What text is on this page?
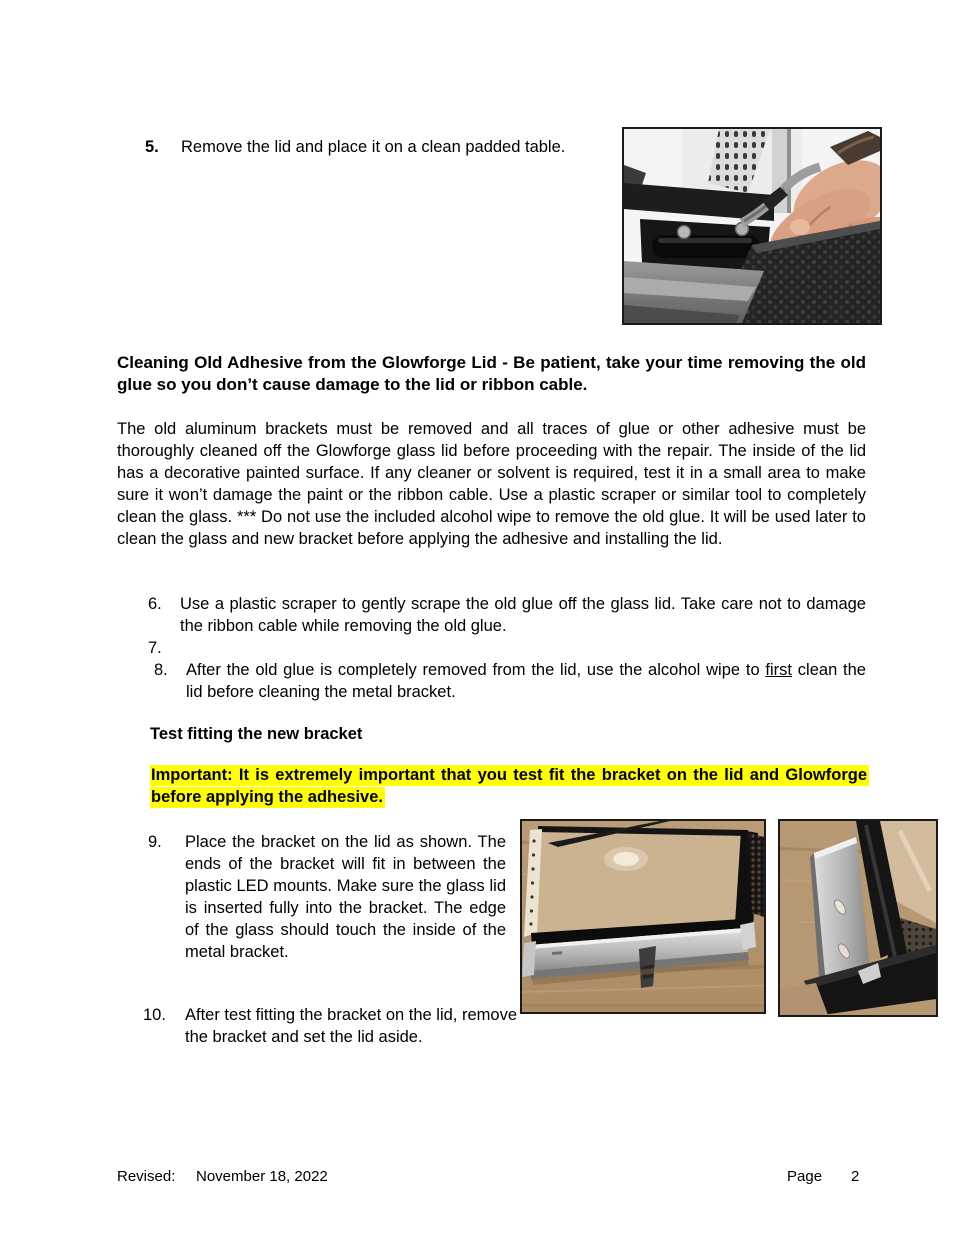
5.	Remove the lid and place it on a clean padded table.
Cleaning Old Adhesive from the Glowforge Lid - Be patient, take your time removing the old glue so you don’t cause damage to the lid or ribbon cable.
The old aluminum brackets must be removed and all traces of glue or other adhesive must be thoroughly cleaned off the Glowforge glass lid before proceeding with the repair. The inside of the lid has a decorative painted surface. If any cleaner or solvent is required, test it in a small area to make sure it won’t damage the paint or the ribbon cable. Use a plastic scraper or similar tool to completely clean the glass. *** Do not use the included alcohol wipe to remove the old glue. It will be used later to clean the glass and new bracket before applying the adhesive and installing the lid.
6.	Use a plastic scraper to gently scrape the old glue off the glass lid. Take care not to damage the ribbon cable while removing the old glue.
7.
8.	After the old glue is completely removed from the lid, use the alcohol wipe to first clean the lid before cleaning the metal bracket.
Test fitting the new bracket
Important: It is extremely important that you test fit the bracket on the lid and Glowforge before applying the adhesive.
9.	Place the bracket on the lid as shown. The ends of the bracket will fit in between the plastic LED mounts. Make sure the glass lid is inserted fully into the bracket. The edge of the glass should touch the inside of the metal bracket.
10.	After test fitting the bracket on the lid, remove the bracket and set the lid aside.
Revised: November 18, 2022	Page 2
